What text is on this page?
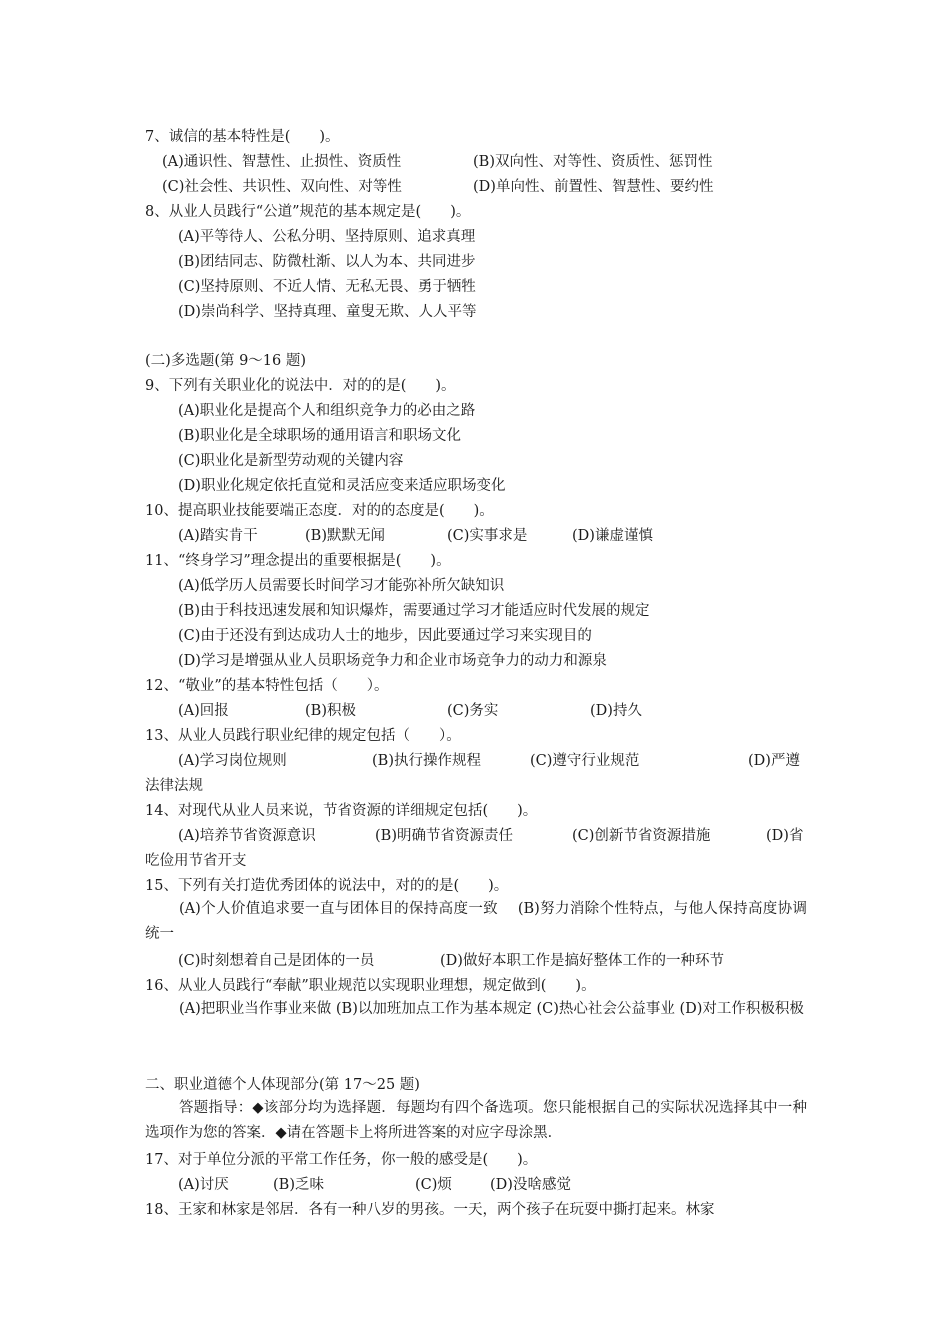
7、诚信的基本特性是(　　)。
(A)通识性、智慧性、止损性、资质性	(B)双向性、对等性、资质性、惩罚性
(C)社会性、共识性、双向性、对等性	(D)单向性、前置性、智慧性、要约性
8、从业人员践行“公道”规范的基本规定是(　　)。
(A)平等待人、公私分明、坚持原则、追求真理
(B)团结同志、防微杜渐、以人为本、共同进步
(C)坚持原则、不近人情、无私无畏、勇于牺牲
(D)崇尚科学、坚持真理、童叟无欺、人人平等
(二)多选题(第 9～16 题)
9、下列有关职业化的说法中．对的的是(　　)。
(A)职业化是提高个人和组织竞争力的必由之路
(B)职业化是全球职场的通用语言和职场文化
(C)职业化是新型劳动观的关键内容
(D)职业化规定依托直觉和灵活应变来适应职场变化
10、提高职业技能要端正态度．对的的态度是(　　)。
(A)踏实肯干	(B)默默无闻	(C)实事求是	(D)谦虚谨慎
11、“终身学习”理念提出的重要根据是(　　)。
(A)低学历人员需要长时间学习才能弥补所欠缺知识
(B)由于科技迅速发展和知识爆炸，需要通过学习才能适应时代发展的规定
(C)由于还没有到达成功人士的地步，因此要通过学习来实现目的
(D)学习是增强从业人员职场竞争力和企业市场竞争力的动力和源泉
12、“敬业”的基本特性包括（　　）。
(A)回报	(B)积极	(C)务实	(D)持久
13、从业人员践行职业纪律的规定包括（　　）。
(A)学习岗位规则	(B)执行操作规程	(C)遵守行业规范	(D)严遵
法律法规
14、对现代从业人员来说，节省资源的详细规定包括(　　)。
(A)培养节省资源意识	(B)明确节省资源责任	(C)创新节省资源措施	(D)省
吃俭用节省开支
15、下列有关打造优秀团体的说法中，对的的是(　　)。
(A)个人价值追求要一直与团体目的保持高度一致　 (B)努力消除个性特点，与他人保持高度协调统一
(C)时刻想着自己是团体的一员	(D)做好本职工作是搞好整体工作的一种环节
16、从业人员践行“奉献”职业规范以实现职业理想，规定做到(　　)。
(A)把职业当作事业来做 (B)以加班加点工作为基本规定 (C)热心社会公益事业 (D)对工作积极积极
二、职业道德个人体现部分(第 17～25 题)
答题指导：◆该部分均为选择题．每题均有四个备选项。您只能根据自己的实际状况选择其中一种选项作为您的答案．◆请在答题卡上将所进答案的对应字母涂黑．
17、对于单位分派的平常工作任务，你一般的感受是(　　)。
(A)讨厌	(B)乏味	(C)烦	(D)没啥感觉
18、王家和林家是邻居．各有一种八岁的男孩。一天，两个孩子在玩耍中撕打起来。林家
